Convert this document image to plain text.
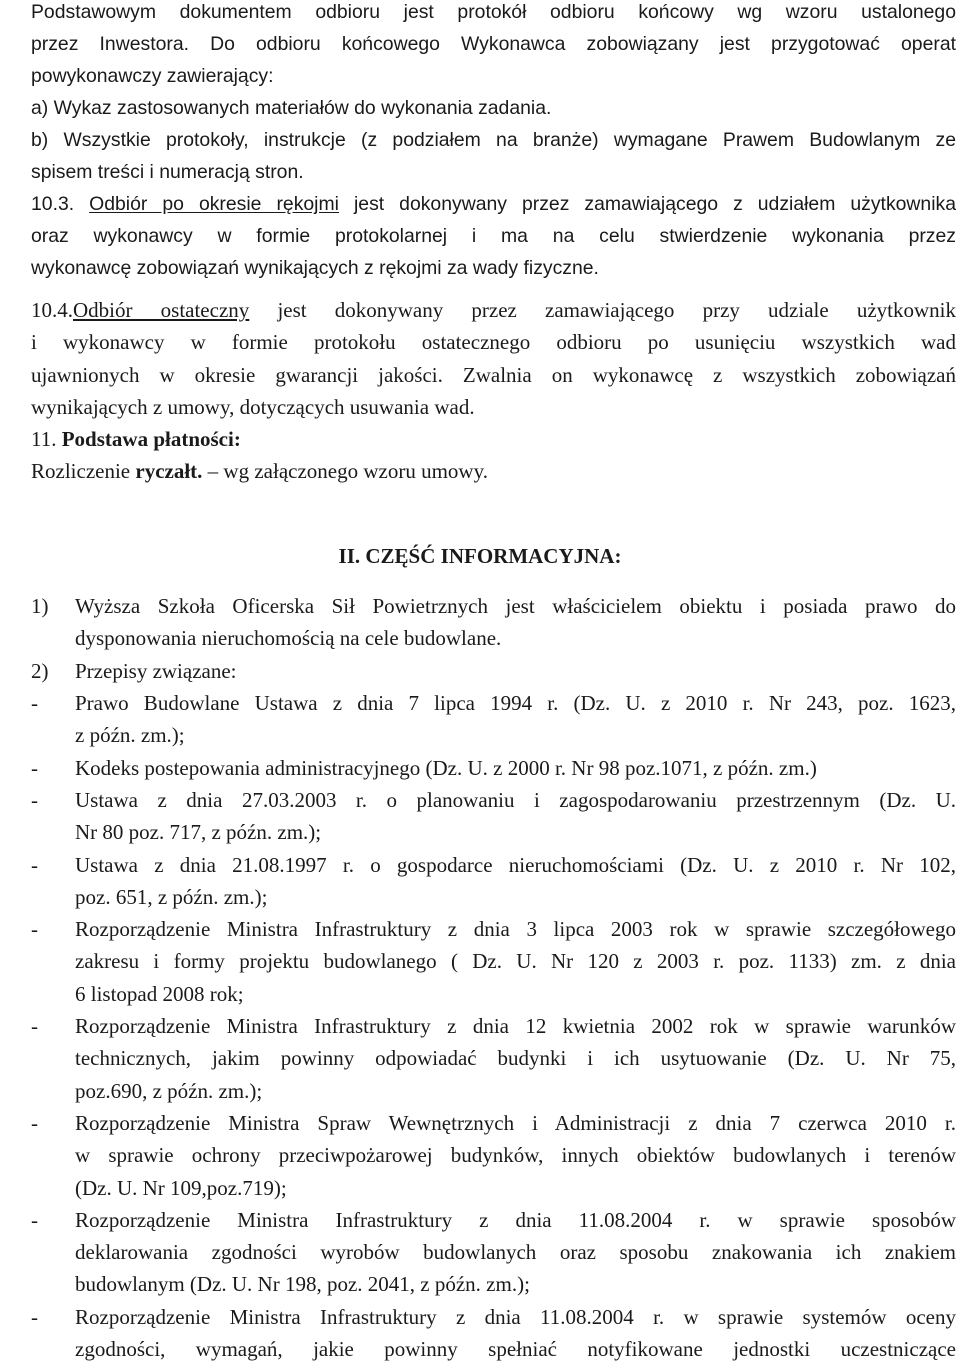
Podstawowym dokumentem odbioru jest protokół odbioru końcowy wg wzoru ustalonego
przez Inwestora. Do odbioru końcowego Wykonawca zobowiązany jest przygotować operat
powykonawczy zawierający:
a) Wykaz zastosowanych materiałów do wykonania zadania.
b) Wszystkie protokoły, instrukcje (z podziałem na branże) wymagane Prawem Budowlanym ze
spisem treści i numeracją stron.
10.3. Odbiór po okresie rękojmi jest dokonywany przez zamawiającego z udziałem użytkownika
oraz wykonawcy w formie protokolarnej i ma na celu stwierdzenie wykonania przez
wykonawcę zobowiązań wynikających z rękojmi za wady fizyczne.
10.4.Odbiór ostateczny jest dokonywany przez zamawiającego przy udziale użytkownik
i wykonawcy w formie protokołu ostatecznego odbioru po usunięciu wszystkich wad
ujawnionych w okresie gwarancji jakości. Zwalnia on wykonawcę z wszystkich zobowiązań
wynikających z umowy, dotyczących usuwania wad.
11. Podstawa płatności:
Rozliczenie ryczałt. – wg załączonego wzoru umowy.
II. CZĘŚĆ INFORMACYJNA:
1) Wyższa Szkoła Oficerska Sił Powietrznych jest właścicielem obiektu i posiada prawo do
dysponowania nieruchomością na cele budowlane.
2) Przepisy związane:
- Prawo Budowlane Ustawa z dnia 7 lipca 1994 r. (Dz. U. z 2010 r. Nr 243, poz. 1623,
z późn. zm.);
- Kodeks postepowania administracyjnego (Dz. U. z 2000 r. Nr 98 poz.1071, z późn. zm.)
- Ustawa z dnia 27.03.2003 r. o planowaniu i zagospodarowaniu przestrzennym (Dz. U.
Nr 80 poz. 717, z późn. zm.);
- Ustawa z dnia 21.08.1997 r. o gospodarce nieruchomościami (Dz. U. z 2010 r. Nr 102,
poz. 651, z późn. zm.);
- Rozporządzenie Ministra Infrastruktury z dnia 3 lipca 2003 rok w sprawie szczegółowego
zakresu i formy projektu budowlanego ( Dz. U. Nr 120 z 2003 r. poz. 1133) zm. z dnia
6 listopad 2008 rok;
- Rozporządzenie Ministra Infrastruktury z dnia 12 kwietnia 2002 rok w sprawie warunków
technicznych, jakim powinny odpowiadać budynki i ich usytuowanie (Dz. U. Nr 75,
poz.690, z późn. zm.);
- Rozporządzenie Ministra Spraw Wewnętrznych i Administracji z dnia 7 czerwca 2010 r.
w sprawie ochrony przeciwpożarowej budynków, innych obiektów budowlanych i terenów
(Dz. U. Nr 109,poz.719);
- Rozporządzenie Ministra Infrastruktury z dnia 11.08.2004 r. w sprawie sposobów
deklarowania zgodności wyrobów budowlanych oraz sposobu znakowania ich znakiem
budowlanym (Dz. U. Nr 198, poz. 2041, z późn. zm.);
- Rozporządzenie Ministra Infrastruktury z dnia 11.08.2004 r. w sprawie systemów oceny
zgodności, wymagań, jakie powinny spełniać notyfikowane jednostki uczestniczące
